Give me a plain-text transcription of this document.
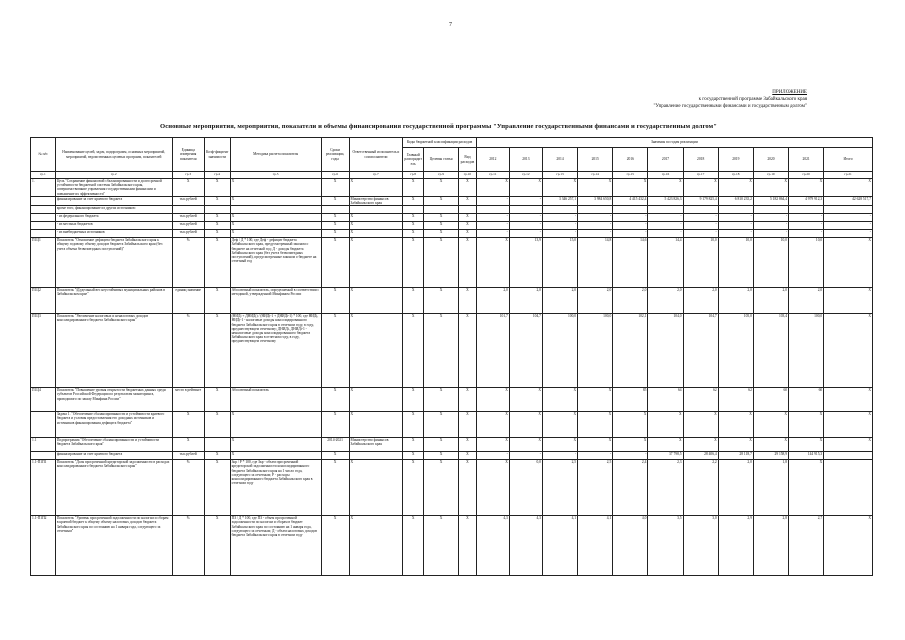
7
ПРИЛОЖЕНИЕ
к государственной программе Забайкальского края
"Управление государственными финансами и государственным долгом"
Основные мероприятия, мероприятия, показатели и объемы финансирования государственной программы "Управление государственными финансами и государственным долгом"
№ п/п	Наименование целей, задач, подпрограмм, основных мероприятий, мероприятий, ведомственных целевых программ, показателей	Единица измерения показателя	Коэф-фициент значимости	Методика расчета показателя	Сроки реализации, годы	Ответственный исполнитель и соисполнители	Коды бюджетной классификации расходов			Значения по годам реализации										
							Главный распорядитель	Целевая статья	Вид расходов	2012	2013	2014	2015	2016	2017	2018	2019	2020	2021	Итого
гр.1	гр.2	гр.3	гр.4	гр.5	гр.6	гр.7	гр.8	гр.9	гр.10	гр.11	гр.12	гр.13	гр.14	гр.15	гр.16	гр.17	гр.18	гр.19	гр.20	гр.21
1.	Цель "Сохранение финансовой сбалансированности и долгосрочной устойчивости бюджетной системы Забайкальского края, совершенствование управления государственными финансами и повышение их эффективности"	X	X	X	X	X	X	X	X	X	X	X	X	X	X	X	X	X	X	X
	финансирование за счет краевого бюджета	тыс.рублей	X	X	X	Министерство финансов Забайкальского края	X	X	X	-	-	3 346 257,1	3 984 650,8	4 415 432,4	5 423 826,3	9 179 825,4	6 810 235,2	5 182 864,4	4 979 912,3	42 628 517,7
	кроме того, финансирование из других источников:																			
	- из федерального бюджета	тыс.рублей	X	X	X	X	X	X	X	-	-	-	-	-	-	-	-	-	-	-
	- из местных бюджетов	тыс.рублей	X	X	X	X	X	X	X	-	-	-	-	-	-	-	-	-	-	-
	- из внебюджетных источников	тыс.рублей	X	X	X	X	X	X	X	-	-	-	-	-	-	-	-	-	-	-
П1Ц1	Показатель "Отношение дефицита бюджета Забайкальского края к общему годовому объему доходов бюджета Забайкальского края (без учета объема безвозмездных поступлений)"	%	X	Деф / Д * 100, где Деф - дефицит бюджета Забайкальского края, предусмотренный законом о бюджете на отчетный год; Д - доходы бюджета Забайкальского края (без учета безвозмездных поступлений), предусмотренные законом о бюджете на отчетный год	X	X	X	X	X	X	13,9	15,0	14,8	14,6	14,4	10,0	10,0	10,0	10,0	X
П1Ц2	Показатель "結удельный вес неустойчивых муниципальных районов в Забайкальском крае"	единиц значение	X	Абсолютный показатель, определяемый в соответствии с методикой, утвержденной Минфином России	X	X	X	X	X	2,0	2,0	2,0	2,0	2,0	2,0	2,0	2,0	2,0	2,0	X
П1Ц3	Показатель "Увеличение налоговых и неналоговых доходов консолидированного бюджета Забайкальского края"	%	X	(НИДi + ДНИДi) / (НИДi-1 + ДНИДi-1) * 100, где НИДi, НИДi-1 - налоговые доходы консолидированного бюджета Забайкальского края в отчетном году, в году, предшествующем отчетному; ДНИДi, ДНИДi-1 - неналоговые доходы консолидированного бюджета Забайкальского края в отчетном году, в году, предшествующем отчетному	X	X	X	X	X	101,7	104,7	100,0	100,0	102,1	104,0	104,7	105,0	103,4	100,0	X
П1Ц4	Показатель "Повышение уровня открытости бюджетных данных среди субъектов Российской Федерации по результатам мониторинга, проводимого по заказу Минфина России"	место в рейтинге	X	Абсолютный показатель	X	X	X	X	X	X	X	X	X	85	64	62	62	60	60	X
	Задача 1. "Обеспечение сбалансированности и устойчивости краевого бюджета и условия предоставления его доходных источников и источников финансирования дефицита бюджета"	X	X	X	X	X	X	X	X	X	X	X	X	X	X	X	X	X	X	X
1.1	Подпрограмма "Обеспечение сбалансированности и устойчивости бюджета Забайкальского края"	X		X	2014-2021	Министерство финансов Забайкальского края	X	X	X	X	X	X	X	X	X	X	X	X	X	X
	финансирование за счет краевого бюджета	тыс.рублей	X	X	X		X	X	X	-	-	-	-	-	37 798,5	28 406,4	28 118,7	29 158,9	144 915,3	
1.1-П1П1	Показатель "Доля просроченной кредиторской задолженности в расходах консолидированного бюджета Забайкальского края"	%	X	Зкр / Р * 100, где Зкр - объем просроченной кредиторской задолженности консолидированного бюджета Забайкальского края на 1 число года, следующего за отчетным; Р - расходы консолидированного бюджета Забайкальского края в отчетном году	X	X	X	X	X	X	0,0	2,5	2,5	2,4	2,3	2,2	2,0	1,8	X	
1.1-П1П2	Показатель "Уровень просроченной задолженности по налогам и сборам в краевой бюджет к общему объему налоговых доходов бюджета Забайкальского края по состоянию на 1 января года, следующего за отчетным"	%	X	ПЗ / Д * 100, где ПЗ - объем просроченной задолженности по налогам и сборам в бюджет Забайкальского края по состоянию на 1 января года, следующего за отчетным; Д - объем налоговых доходов бюджета Забайкальского края в отчетном году	X	X	X	X	X	4,3	4,3	4,1	4,1	4,0	3,5	3,0	2,9	2,8	2,7	X
